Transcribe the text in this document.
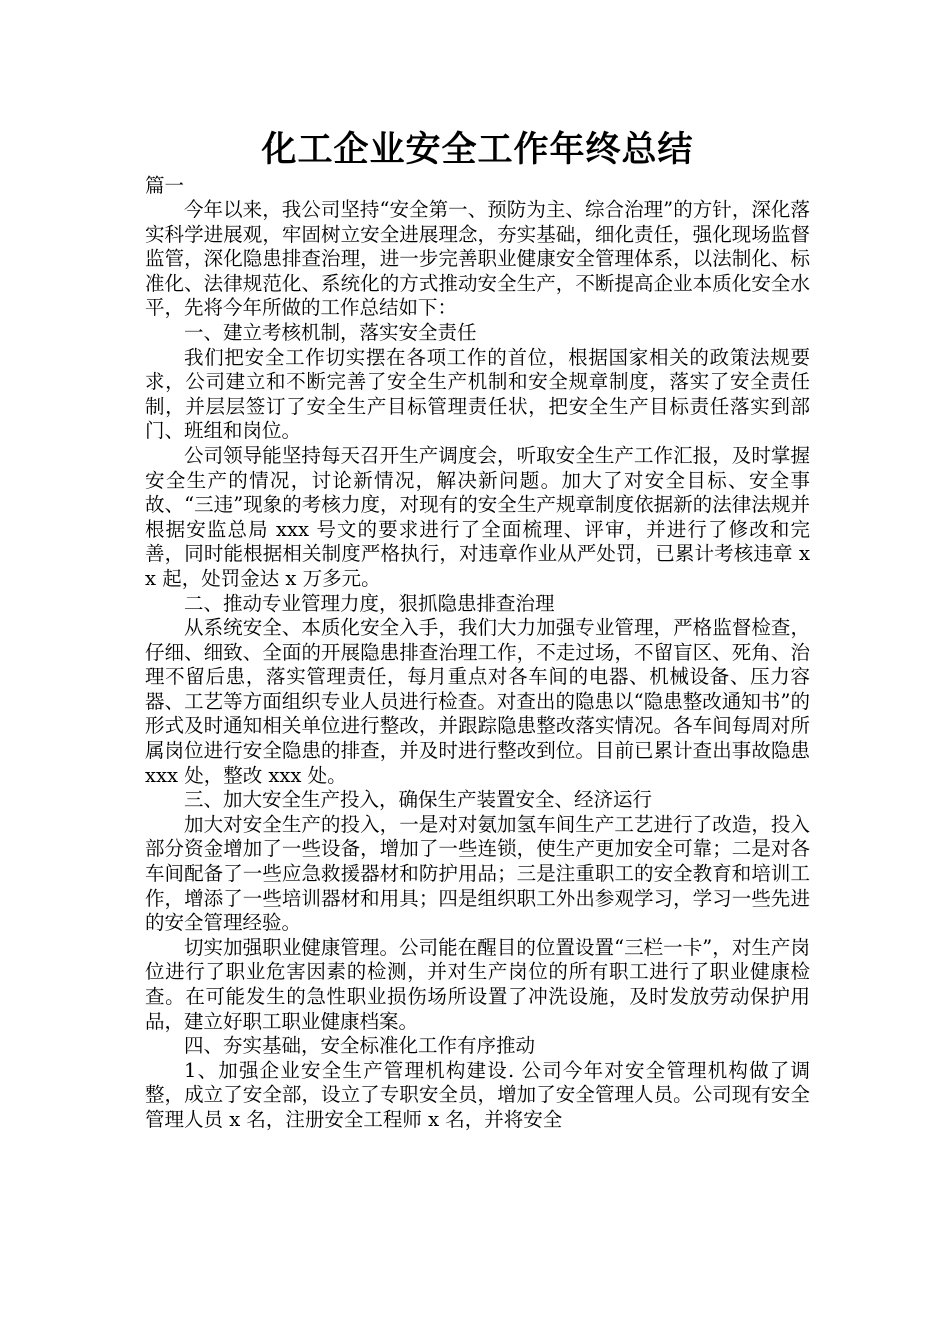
化工企业安全工作年终总结
篇一

今年以来，我公司坚持“安全第一、预防为主、综合治理”的方针，深化落实科学进展观，牢固树立安全进展理念，夯实基础，细化责任，强化现场监督监管，深化隐患排查治理，进一步完善职业健康安全管理体系，以法制化、标准化、法律规范化、系统化的方式推动安全生产，不断提高企业本质化安全水平，先将今年所做的工作总结如下：

一、建立考核机制，落实安全责任

我们把安全工作切实摆在各项工作的首位，根据国家相关的政策法规要求，公司建立和不断完善了安全生产机制和安全规章制度，落实了安全责任制，并层层签订了安全生产目标管理责任状，把安全生产目标责任落实到部门、班组和岗位。

公司领导能坚持每天召开生产调度会，听取安全生产工作汇报，及时掌握安全生产的情况，讨论新情况，解决新问题。加大了对安全目标、安全事故、“三违”现象的考核力度，对现有的安全生产规章制度依据新的法律法规并根据安监总局 xxx 号文的要求进行了全面梳理、评审，并进行了修改和完善，同时能根据相关制度严格执行，对违章作业从严处罚，已累计考核违章 xx 起，处罚金达 x 万多元。

二、推动专业管理力度，狠抓隐患排查治理

从系统安全、本质化安全入手，我们大力加强专业管理，严格监督检查，仔细、细致、全面的开展隐患排查治理工作，不走过场，不留盲区、死角、治理不留后患，落实管理责任，每月重点对各车间的电器、机械设备、压力容器、工艺等方面组织专业人员进行检查。对查出的隐患以“隐患整改通知书”的形式及时通知相关单位进行整改，并跟踪隐患整改落实情况。各车间每周对所属岗位进行安全隐患的排查，并及时进行整改到位。目前已累计查出事故隐患 xxx 处，整改 xxx 处。

三、加大安全生产投入，确保生产装置安全、经济运行

加大对安全生产的投入，一是对对氨加氢车间生产工艺进行了改造，投入部分资金增加了一些设备，增加了一些连锁，使生产更加安全可靠；二是对各车间配备了一些应急救援器材和防护用品；三是注重职工的安全教育和培训工作，增添了一些培训器材和用具；四是组织职工外出参观学习，学习一些先进的安全管理经验。

切实加强职业健康管理。公司能在醒目的位置设置“三栏一卡”，对生产岗位进行了职业危害因素的检测，并对生产岗位的所有职工进行了职业健康检查。在可能发生的急性职业损伤场所设置了冲洗设施，及时发放劳动保护用品，建立好职工职业健康档案。

四、夯实基础，安全标准化工作有序推动

1、加强企业安全生产管理机构建设. 公司今年对安全管理机构做了调整，成立了安全部，设立了专职安全员，增加了安全管理人员。公司现有安全管理人员 x 名，注册安全工程师 x 名，并将安全
